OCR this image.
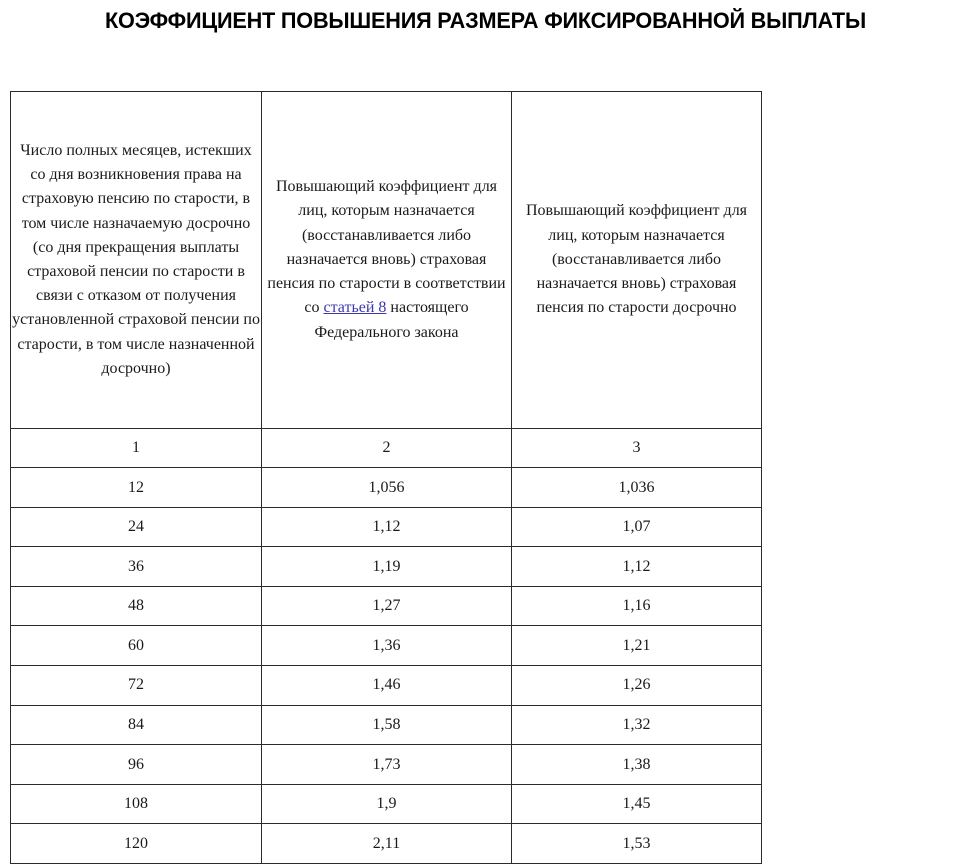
КОЭФФИЦИЕНТ ПОВЫШЕНИЯ РАЗМЕРА ФИКСИРОВАННОЙ ВЫПЛАТЫ
Число полных месяцев, истекших со дня возникновения права на страховую пенсию по старости, в том числе назначаемую досрочно (со дня прекращения выплаты страховой пенсии по старости в связи с отказом от получения установленной страховой пенсии по старости, в том числе назначенной досрочно)	Повышающий коэффициент для лиц, которым назначается (восстанавливается либо назначается вновь) страховая пенсия по старости в соответствии со статьей 8 настоящего Федерального закона	Повышающий коэффициент для лиц, которым назначается (восстанавливается либо назначается вновь) страховая пенсия по старости досрочно

1	2	3

12	1,056	1,036

24	1,12	1,07

36	1,19	1,12

48	1,27	1,16

60	1,36	1,21

72	1,46	1,26

84	1,58	1,32

96	1,73	1,38

108	1,9	1,45

120	2,11	1,53
